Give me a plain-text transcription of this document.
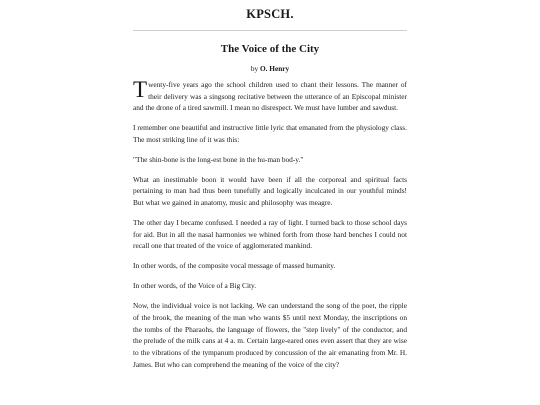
KPSCH.
The Voice of the City
by O. Henry

Twenty-five years ago the school children used to chant their lessons. The manner of their delivery was a singsong recitative between the utterance of an Episcopal minister and the drone of a tired sawmill. I mean no disrespect. We must have lumber and sawdust.

I remember one beautiful and instructive little lyric that emanated from the physiology class. The most striking line of it was this:

"The shin-bone is the long-est bone in the hu-man bod-y."

What an inestimable boon it would have been if all the corporeal and spiritual facts pertaining to man had thus been tunefully and logically inculcated in our youthful minds! But what we gained in anatomy, music and philosophy was meagre.

The other day I became confused. I needed a ray of light. I turned back to those school days for aid. But in all the nasal harmonies we whined forth from those hard benches I could not recall one that treated of the voice of agglomerated mankind.

In other words, of the composite vocal message of massed humanity.

In other words, of the Voice of a Big City.

Now, the individual voice is not lacking. We can understand the song of the poet, the ripple of the brook, the meaning of the man who wants $5 until next Monday, the inscriptions on the tombs of the Pharaohs, the language of flowers, the "step lively" of the conductor, and the prelude of the milk cans at 4 a. m. Certain large-eared ones even assert that they are wise to the vibrations of the tympanum produced by concussion of the air emanating from Mr. H. James. But who can comprehend the meaning of the voice of the city?
